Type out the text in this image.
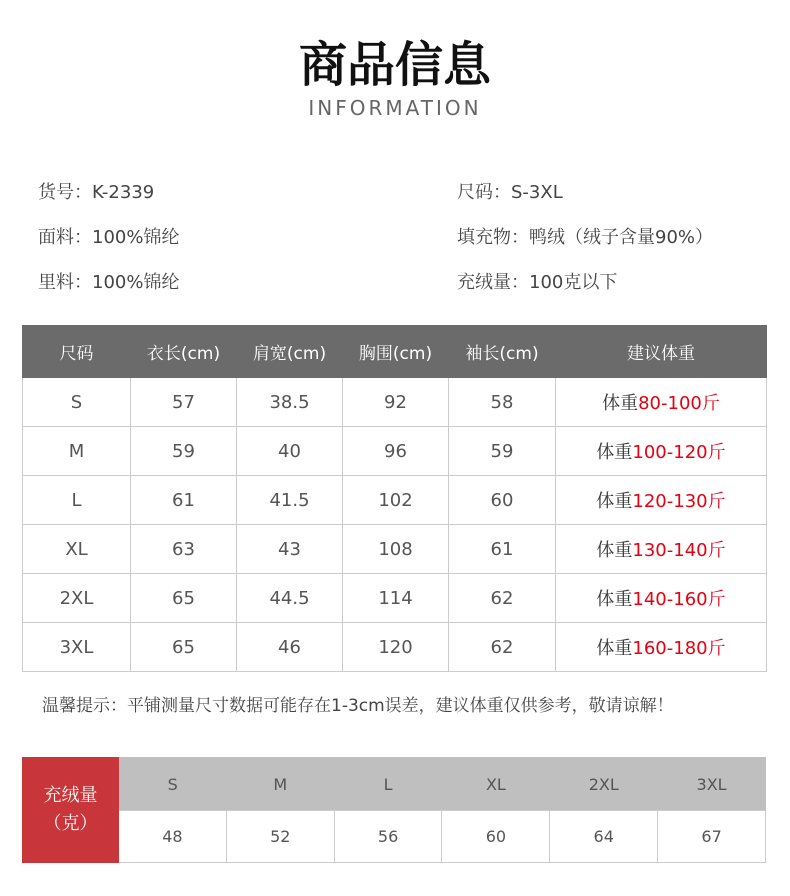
商品信息
INFORMATION
货号：K-2339
面料：100%锦纶
里料：100%锦纶
尺码：S-3XL
填充物：鸭绒（绒子含量90%）
充绒量：100克以下
尺码	衣长(cm)	肩宽(cm)	胸围(cm)	袖长(cm)	建议体重
S	57	38.5	92	58	体重80-100斤
M	59	40	96	59	体重100-120斤
L	61	41.5	102	60	体重120-130斤
XL	63	43	108	61	体重130-140斤
2XL	65	44.5	114	62	体重140-160斤
3XL	65	46	120	62	体重160-180斤
温馨提示：平铺测量尺寸数据可能存在1-3cm误差，建议体重仅供参考，敬请谅解！
充绒量
（克）	S	M	L	XL	2XL	3XL
	48	52	56	60	64	67
